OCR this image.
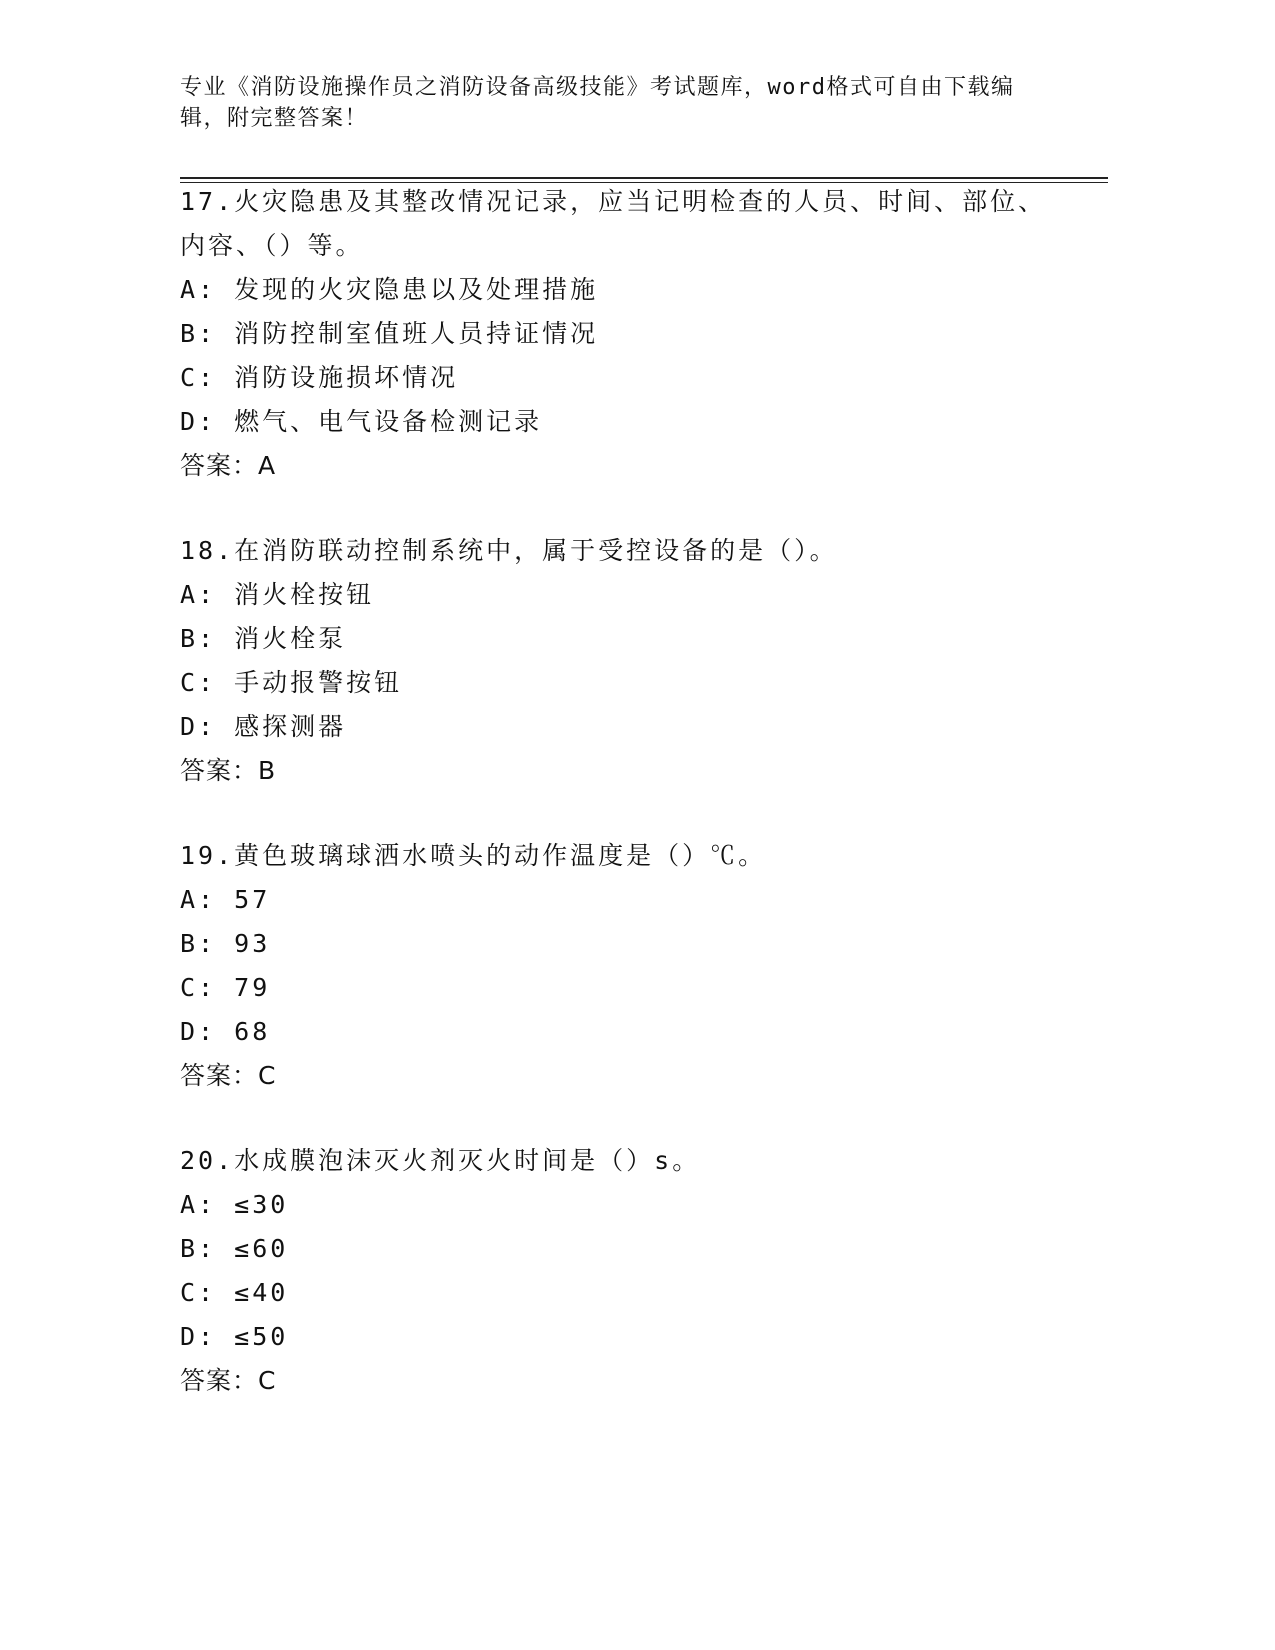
专业《消防设施操作员之消防设备高级技能》考试题库，word格式可自由下载编
辑，附完整答案！
17.火灾隐患及其整改情况记录，应当记明检查的人员、时间、部位、
内容、（）等。
A: 发现的火灾隐患以及处理措施
B: 消防控制室值班人员持证情况
C: 消防设施损坏情况
D: 燃气、电气设备检测记录
答案：A
18.在消防联动控制系统中，属于受控设备的是（）。
A: 消火栓按钮
B: 消火栓泵
C: 手动报警按钮
D: 感探测器
答案：B
19.黄色玻璃球洒水喷头的动作温度是（）℃。
A: 57
B: 93
C: 79
D: 68
答案：C
20.水成膜泡沫灭火剂灭火时间是（）s。
A: ≤30
B: ≤60
C: ≤40
D: ≤50
答案：C
